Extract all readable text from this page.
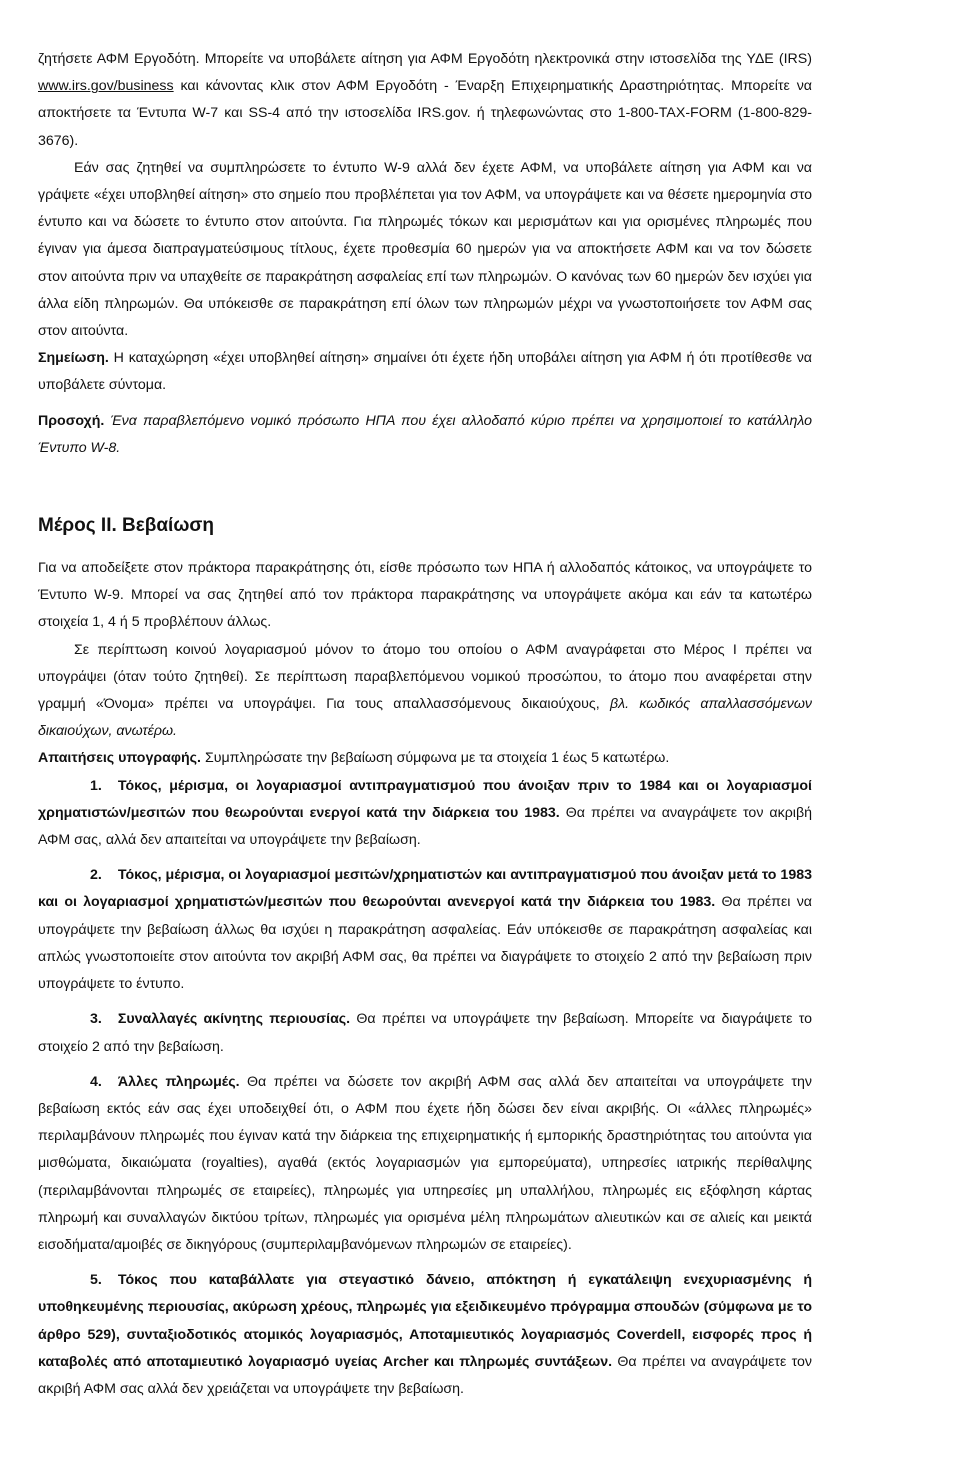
ζητήσετε ΑΦΜ Εργοδότη. Μπορείτε να υποβάλετε αίτηση για ΑΦΜ Εργοδότη ηλεκτρονικά στην ιστοσελίδα της ΥΔΕ (IRS) www.irs.gov/business και κάνοντας κλικ στον ΑΦΜ Εργοδότη - Έναρξη Επιχειρηματικής Δραστηριότητας. Μπορείτε να αποκτήσετε τα Έντυπα W-7 και SS-4 από την ιστοσελίδα IRS.gov. ή τηλεφωνώντας στο 1-800-TAX-FORM (1-800-829-3676).

Εάν σας ζητηθεί να συμπληρώσετε το έντυπο W-9 αλλά δεν έχετε ΑΦΜ, να υποβάλετε αίτηση για ΑΦΜ και να γράψετε «έχει υποβληθεί αίτηση» στο σημείο που προβλέπεται για τον ΑΦΜ, να υπογράψετε και να θέσετε ημερομηνία στο έντυπο και να δώσετε το έντυπο στον αιτούντα. Για πληρωμές τόκων και μερισμάτων και για ορισμένες πληρωμές που έγιναν για άμεσα διαπραγματεύσιμους τίτλους, έχετε προθεσμία 60 ημερών για να αποκτήσετε ΑΦΜ και να τον δώσετε στον αιτούντα πριν να υπαχθείτε σε παρακράτηση ασφαλείας επί των πληρωμών. Ο κανόνας των 60 ημερών δεν ισχύει για άλλα είδη πληρωμών. Θα υπόκεισθε σε παρακράτηση επί όλων των πληρωμών μέχρι να γνωστοποιήσετε τον ΑΦΜ σας στον αιτούντα.

Σημείωση. Η καταχώρηση «έχει υποβληθεί αίτηση» σημαίνει ότι έχετε ήδη υποβάλει αίτηση για ΑΦΜ ή ότι προτίθεσθε να υποβάλετε σύντομα.

Προσοχή. Ένα παραβλεπόμενο νομικό πρόσωπο ΗΠΑ που έχει αλλοδαπό κύριο πρέπει να χρησιμοποιεί το κατάλληλο Έντυπο W-8.

Μέρος II. Βεβαίωση

Για να αποδείξετε στον πράκτορα παρακράτησης ότι, είσθε πρόσωπο των ΗΠΑ ή αλλοδαπός κάτοικος, να υπογράψετε το Έντυπο W-9. Μπορεί να σας ζητηθεί από τον πράκτορα παρακράτησης να υπογράψετε ακόμα και εάν τα κατωτέρω στοιχεία 1, 4 ή 5 προβλέπουν άλλως.

Σε περίπτωση κοινού λογαριασμού μόνον το άτομο του οποίου ο ΑΦΜ αναγράφεται στο Μέρος I πρέπει να υπογράψει (όταν τούτο ζητηθεί). Σε περίπτωση παραβλεπόμενου νομικού προσώπου, το άτομο που αναφέρεται στην γραμμή «Όνομα» πρέπει να υπογράψει. Για τους απαλλασσόμενους δικαιούχους, βλ. κωδικός απαλλασσόμενων δικαιούχων, ανωτέρω.

Απαιτήσεις υπογραφής. Συμπληρώσατε την βεβαίωση σύμφωνα με τα στοιχεία 1 έως 5 κατωτέρω.

1. Τόκος, μέρισμα, οι λογαριασμοί αντιπραγματισμού που άνοιξαν πριν το 1984 και οι λογαριασμοί χρηματιστών/μεσιτών που θεωρούνται ενεργοί κατά την διάρκεια του 1983. Θα πρέπει να αναγράψετε τον ακριβή ΑΦΜ σας, αλλά δεν απαιτείται να υπογράψετε την βεβαίωση.

2. Τόκος, μέρισμα, οι λογαριασμοί μεσιτών/χρηματιστών και αντιπραγματισμού που άνοιξαν μετά το 1983 και οι λογαριασμοί χρηματιστών/μεσιτών που θεωρούνται ανενεργοί κατά την διάρκεια του 1983. Θα πρέπει να υπογράψετε την βεβαίωση άλλως θα ισχύει η παρακράτηση ασφαλείας. Εάν υπόκεισθε σε παρακράτηση ασφαλείας και απλώς γνωστοποιείτε στον αιτούντα τον ακριβή ΑΦΜ σας, θα πρέπει να διαγράψετε το στοιχείο 2 από την βεβαίωση πριν υπογράψετε το έντυπο.

3. Συναλλαγές ακίνητης περιουσίας. Θα πρέπει να υπογράψετε την βεβαίωση. Μπορείτε να διαγράψετε το στοιχείο 2 από την βεβαίωση.

4. Άλλες πληρωμές. Θα πρέπει να δώσετε τον ακριβή ΑΦΜ σας αλλά δεν απαιτείται να υπογράψετε την βεβαίωση εκτός εάν σας έχει υποδειχθεί ότι, ο ΑΦΜ που έχετε ήδη δώσει δεν είναι ακριβής. Οι «άλλες πληρωμές» περιλαμβάνουν πληρωμές που έγιναν κατά την διάρκεια της επιχειρηματικής ή εμπορικής δραστηριότητας του αιτούντα για μισθώματα, δικαιώματα (royalties), αγαθά (εκτός λογαριασμών για εμπορεύματα), υπηρεσίες ιατρικής περίθαλψης (περιλαμβάνονται πληρωμές σε εταιρείες), πληρωμές για υπηρεσίες μη υπαλλήλου, πληρωμές εις εξόφληση κάρτας πληρωμή και συναλλαγών δικτύου τρίτων, πληρωμές για ορισμένα μέλη πληρωμάτων αλιευτικών και σε αλιείς και μεικτά εισοδήματα/αμοιβές σε δικηγόρους (συμπεριλαμβανόμενων πληρωμών σε εταιρείες).

5. Τόκος που καταβάλλατε για στεγαστικό δάνειο, απόκτηση ή εγκατάλειψη ενεχυριασμένης ή υποθηκευμένης περιουσίας, ακύρωση χρέους, πληρωμές για εξειδικευμένο πρόγραμμα σπουδών (σύμφωνα με το άρθρο 529), συνταξιοδοτικός ατομικός λογαριασμός, Αποταμιευτικός λογαριασμός Coverdell, εισφορές προς ή καταβολές από αποταμιευτικό λογαριασμό υγείας Archer και πληρωμές συντάξεων. Θα πρέπει να αναγράψετε τον ακριβή ΑΦΜ σας αλλά δεν χρειάζεται να υπογράψετε την βεβαίωση.
